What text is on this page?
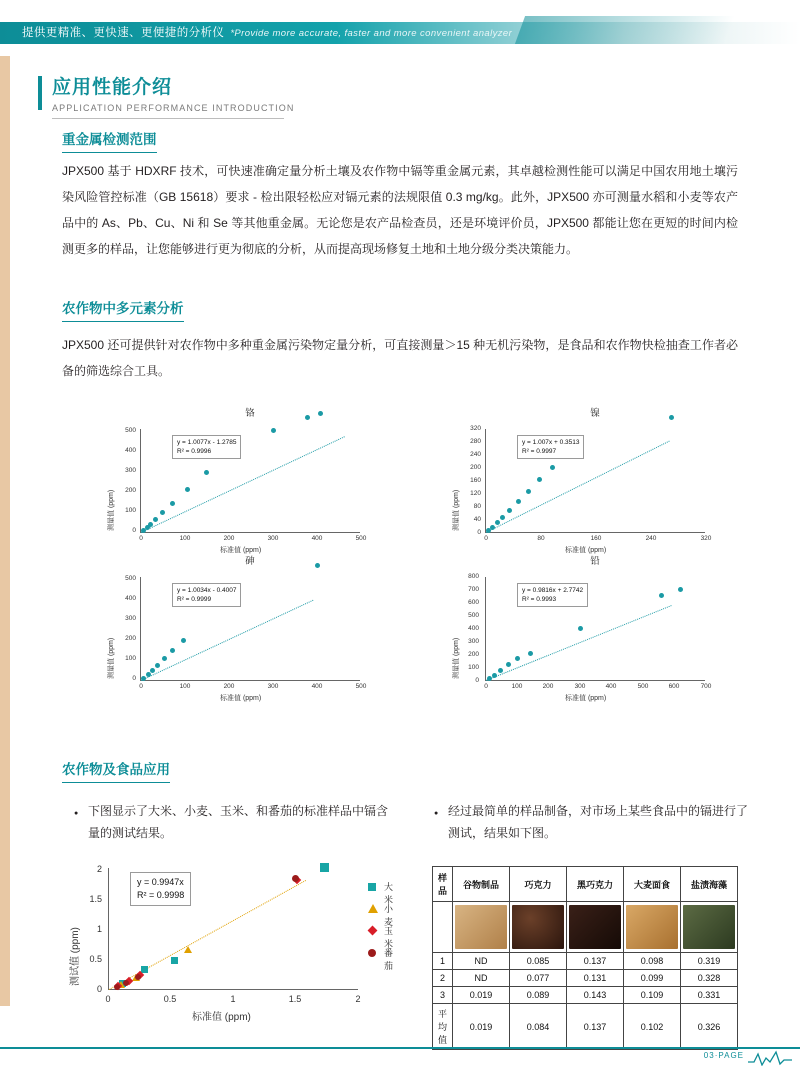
提供更精准、更快速、更便捷的分析仪 *Provide more accurate, faster and more convenient analyzer
应用性能介绍
APPLICATION PERFORMANCE INTRODUCTION
重金属检测范围
JPX500 基于 HDXRF 技术，可快速准确定量分析土壤及农作物中镉等重金属元素，其卓越检测性能可以满足中国农用地土壤污染风险管控标准（GB 15618）要求 - 检出限轻松应对镉元素的法规限值 0.3 mg/kg。此外，JPX500 亦可测量水稻和小麦等农产品中的 As、Pb、Cu、Ni 和 Se 等其他重金属。无论您是农产品检查员，还是环境评价员，JPX500 都能让您在更短的时间内检测更多的样品，让您能够进行更为彻底的分析，从而提高现场修复土地和土地分级分类决策能力。
农作物中多元素分析
JPX500 还可提供针对农作物中多种重金属污染物定量分析，可直接测量＞15 种无机污染物，是食品和农作物快检抽查工作者必备的筛选综合工具。
铬
测量值 (ppm)
500
400
300
200
100
0
y = 1.0077x - 1.2785
R² = 0.9996
0	100	200	300	400	500
标准值 (ppm)
镍
测量值 (ppm)
320
280
240
200
160
120
80
40
0
y = 1.007x + 0.3513
R² = 0.9997
0	80	160	240	320
标准值 (ppm)
砷
测量值 (ppm)
500
400
300
200
100
0
y = 1.0034x - 0.4007
R² = 0.9999
0	100	200	300	400	500
标准值 (ppm)
铅
测量值 (ppm)
800
700
600
500
400
300
200
100
0
y = 0.9816x + 2.7742
R² = 0.9993
0	100	200	300	400	500	600	700
标准值 (ppm)
农作物及食品应用
● 下图显示了大米、小麦、玉米、和番茄的标准样品中镉含量的测试结果。
● 经过最简单的样品制备，对市场上某些食品中的镉进行了测试，结果如下图。
测试值 (ppm)
2
1.5
1
0.5
0
y = 0.9947x
R² = 0.9998
0	0.5	1	1.5	2
标准值 (ppm)
大米
小麦
玉米
番茄
样品	谷物制品	巧克力	黑巧克力	大麦面食	盐渍海藻

1	ND	0.085	0.137	0.098	0.319
2	ND	0.077	0.131	0.099	0.328
3	0.019	0.089	0.143	0.109	0.331
平均值	0.019	0.084	0.137	0.102	0.326
03·PAGE
